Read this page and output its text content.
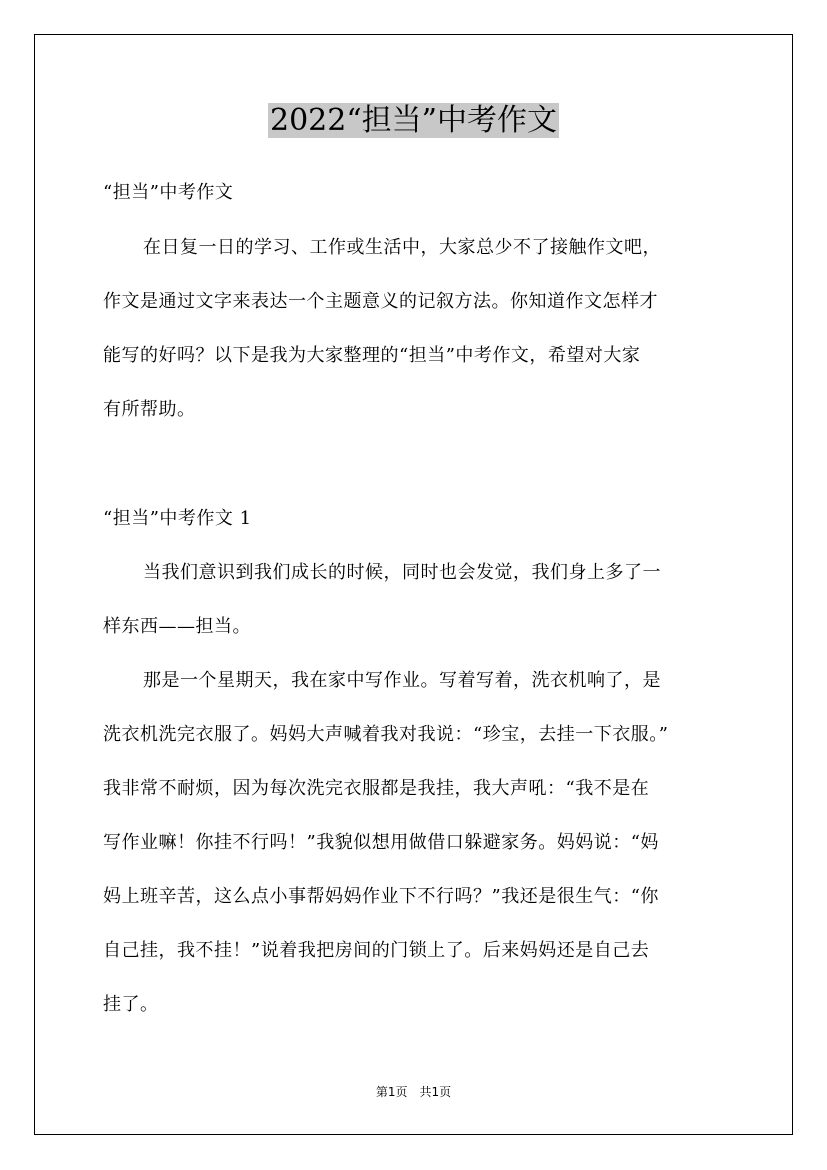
2022“担当”中考作文
“担当”中考作文
在日复一日的学习、工作或生活中，大家总少不了接触作文吧，
作文是通过文字来表达一个主题意义的记叙方法。你知道作文怎样才
能写的好吗？以下是我为大家整理的“担当”中考作文，希望对大家
有所帮助。
“担当”中考作文 1
当我们意识到我们成长的时候，同时也会发觉，我们身上多了一
样东西——担当。
那是一个星期天，我在家中写作业。写着写着，洗衣机响了，是
洗衣机洗完衣服了。妈妈大声喊着我对我说：“珍宝，去挂一下衣服。”
我非常不耐烦，因为每次洗完衣服都是我挂，我大声吼：“我不是在
写作业嘛！你挂不行吗！”我貌似想用做借口躲避家务。妈妈说：“妈
妈上班辛苦，这么点小事帮妈妈作业下不行吗？”我还是很生气：“你
自己挂，我不挂！”说着我把房间的门锁上了。后来妈妈还是自己去
挂了。
第1页　共1页
